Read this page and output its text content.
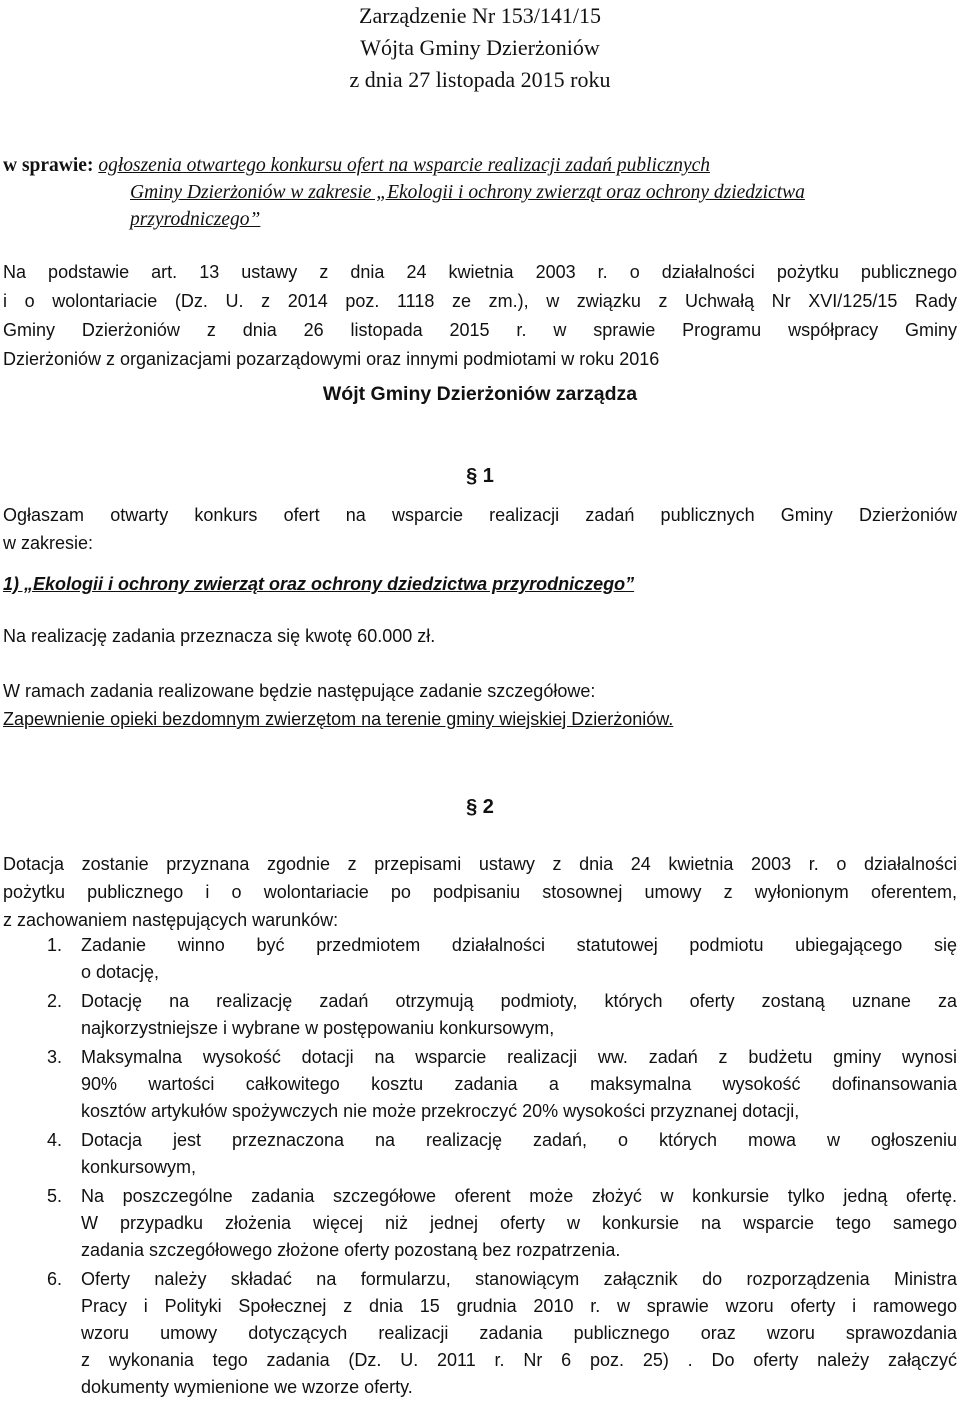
Zarządzenie Nr 153/141/15
Wójta Gminy Dzierżoniów
z dnia 27 listopada 2015 roku
w sprawie: ogłoszenia otwartego konkursu ofert na wsparcie realizacji zadań publicznych
Gminy Dzierżoniów w zakresie „Ekologii i ochrony zwierząt oraz ochrony dziedzictwa
przyrodniczego”
Na podstawie art. 13 ustawy z dnia 24 kwietnia 2003 r. o działalności pożytku publicznego
i o wolontariacie (Dz. U. z 2014 poz. 1118 ze zm.), w związku z Uchwałą Nr XVI/125/15 Rady
Gminy Dzierżoniów z dnia 26 listopada 2015 r. w sprawie Programu współpracy Gminy
Dzierżoniów z organizacjami pozarządowymi oraz innymi podmiotami w roku 2016
Wójt Gminy Dzierżoniów zarządza
§ 1
Ogłaszam otwarty konkurs ofert na wsparcie realizacji zadań publicznych Gminy Dzierżoniów
w zakresie:
1) „Ekologii i ochrony zwierząt oraz ochrony dziedzictwa przyrodniczego”
Na realizację zadania przeznacza się kwotę 60.000 zł.
W ramach zadania realizowane będzie następujące zadanie szczegółowe:
Zapewnienie opieki bezdomnym zwierzętom na terenie gminy wiejskiej Dzierżoniów.
§ 2
Dotacja zostanie przyznana zgodnie z przepisami ustawy z dnia 24 kwietnia 2003 r. o działalności
pożytku publicznego i o wolontariacie po podpisaniu stosownej umowy z wyłonionym oferentem,
z zachowaniem następujących warunków:
1. Zadanie winno być przedmiotem działalności statutowej podmiotu ubiegającego się
o dotację,
2. Dotację na realizację zadań otrzymują podmioty, których oferty zostaną uznane za
najkorzystniejsze i wybrane w postępowaniu konkursowym,
3. Maksymalna wysokość dotacji na wsparcie realizacji ww. zadań z budżetu gminy wynosi
90% wartości całkowitego kosztu zadania a maksymalna wysokość dofinansowania
kosztów artykułów spożywczych nie może przekroczyć 20% wysokości przyznanej dotacji,
4. Dotacja jest przeznaczona na realizację zadań, o których mowa w ogłoszeniu
konkursowym,
5. Na poszczególne zadania szczegółowe oferent może złożyć w konkursie tylko jedną ofertę.
W przypadku złożenia więcej niż jednej oferty w konkursie na wsparcie tego samego
zadania szczegółowego złożone oferty pozostaną bez rozpatrzenia.
6. Oferty należy składać na formularzu, stanowiącym załącznik do rozporządzenia Ministra
Pracy i Polityki Społecznej z dnia 15 grudnia 2010 r. w sprawie wzoru oferty i ramowego
wzoru umowy dotyczących realizacji zadania publicznego oraz wzoru sprawozdania
z wykonania tego zadania (Dz. U. 2011 r. Nr 6 poz. 25) . Do oferty należy załączyć
dokumenty wymienione we wzorze oferty.
